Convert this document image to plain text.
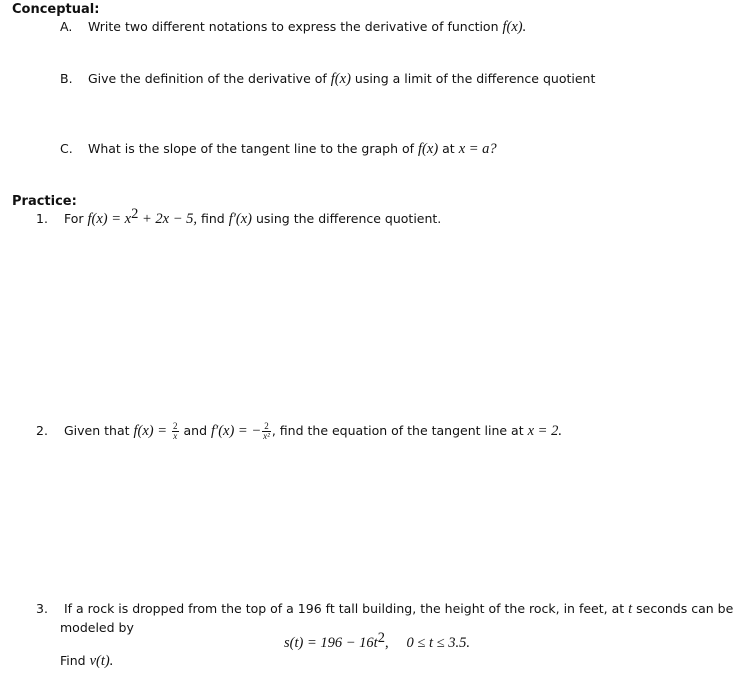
Conceptual:
A. Write two different notations to express the derivative of function f(x).
B. Give the definition of the derivative of f(x) using a limit of the difference quotient
C. What is the slope of the tangent line to the graph of f(x) at x = a?
Practice:
1. For $f(x) = x^2 + 2x - 5$, find f′(x) using the difference quotient.
2. Given that $f(x) = \frac{2}{x}$ and f′(x) = − $\frac{2}{\text{x²}}$ , find the equation of the tangent line at x = 2.
3. If a rock is dropped from the top of a 196 ft tall building, the height of the rock, in feet, at t seconds can be
modeled by
$s(t) = 196 - 16t^2$, 0 ≤ t ≤ 3.5.
Find v(t).
